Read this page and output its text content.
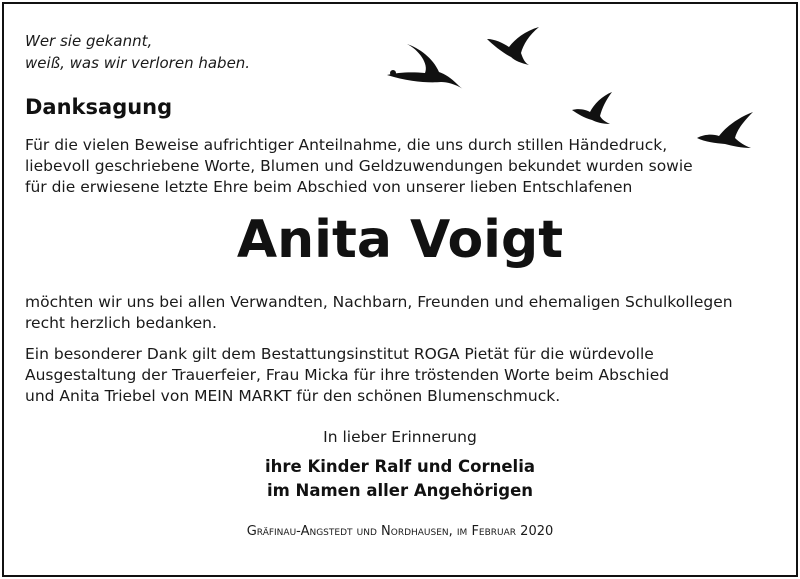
Wer sie gekannt,
weiß, was wir verloren haben.
Danksagung
Für die vielen Beweise aufrichtiger Anteilnahme, die uns durch stillen Händedruck,
liebevoll geschriebene Worte, Blumen und Geldzuwendungen bekundet wurden sowie
für die erwiesene letzte Ehre beim Abschied von unserer lieben Entschlafenen
Anita Voigt
möchten wir uns bei allen Verwandten, Nachbarn, Freunden und ehemaligen Schulkollegen
recht herzlich bedanken.
Ein besonderer Dank gilt dem Bestattungsinstitut ROGA Pietät für die würdevolle
Ausgestaltung der Trauerfeier, Frau Micka für ihre tröstenden Worte beim Abschied
und Anita Triebel von MEIN MARKT für den schönen Blumenschmuck.
In lieber Erinnerung
ihre Kinder Ralf und Cornelia
im Namen aller Angehörigen
Gräfinau-Angstedt und Nordhausen, im Februar 2020
